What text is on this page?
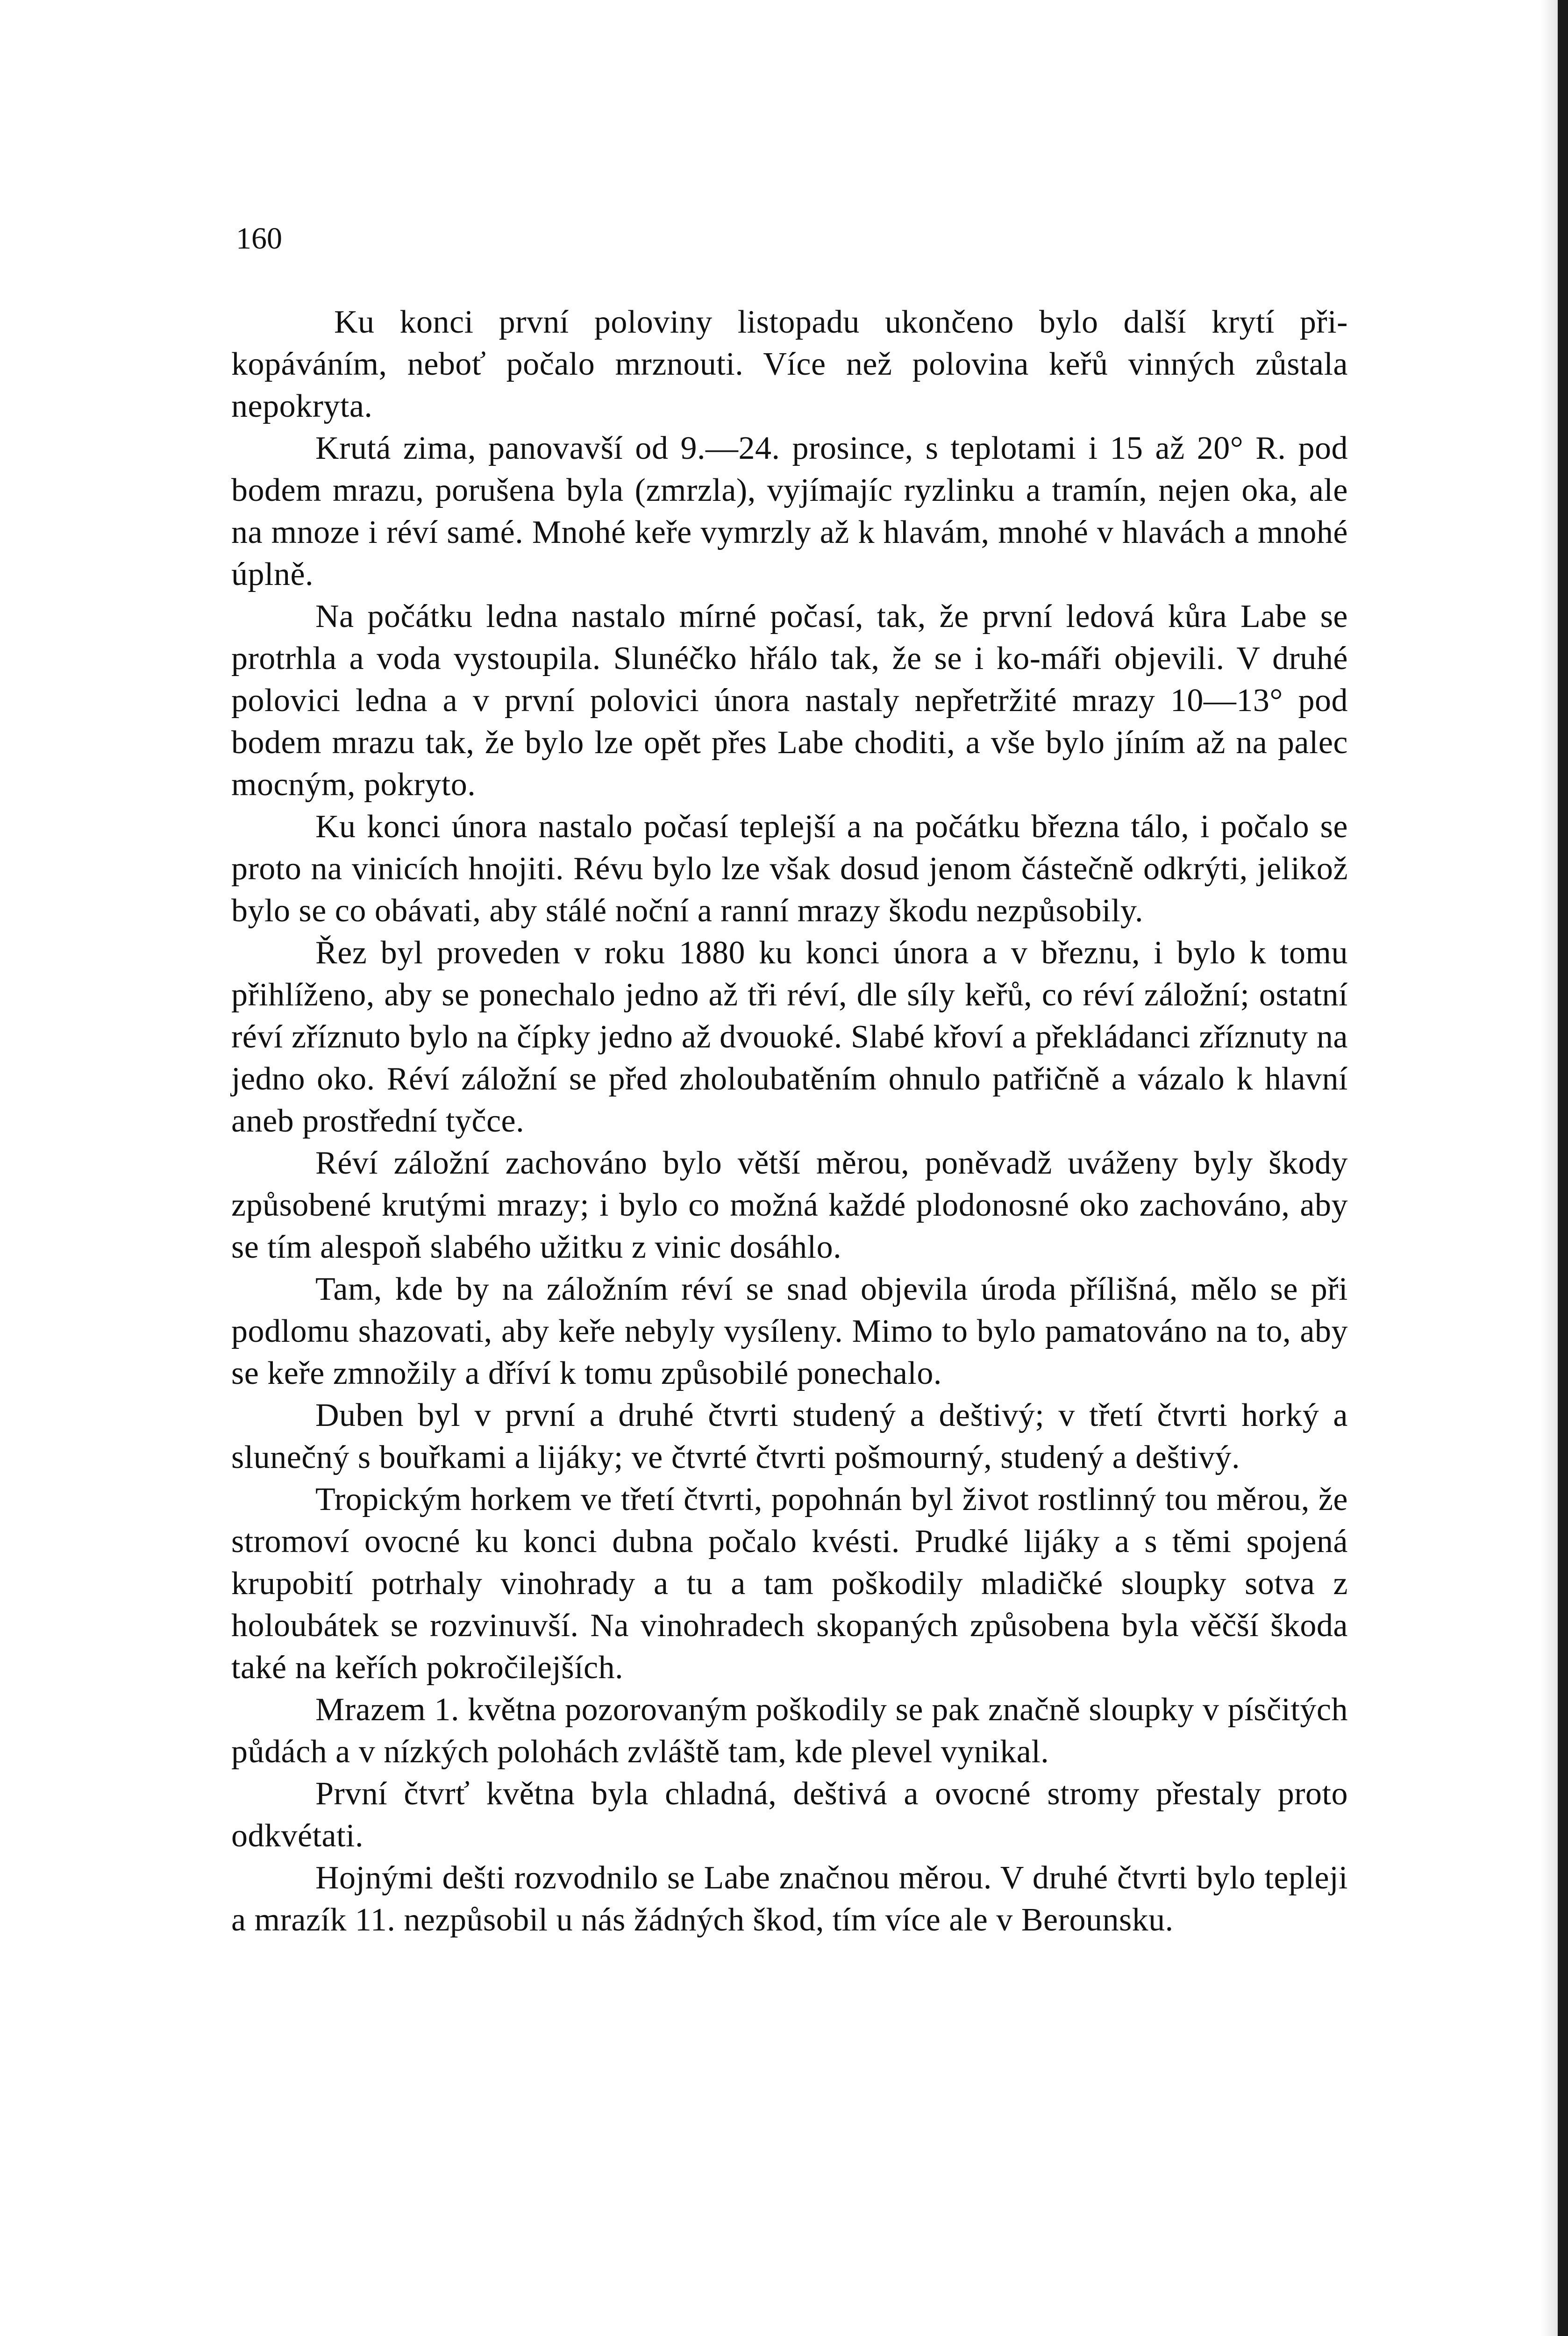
160

Ku konci první poloviny listopadu ukončeno bylo další krytí při-kopáváním, neboť počalo mrznouti. Více než polovina keřů vinných zůstala nepokryta.

Krutá zima, panovavší od 9.—24. prosince, s teplotami i 15 až 20° R. pod bodem mrazu, porušena byla (zmrzla), vyjímajíc ryzlinku a tramín, nejen oka, ale na mnoze i réví samé. Mnohé keře vymrzly až k hlavám, mnohé v hlavách a mnohé úplně.

Na počátku ledna nastalo mírné počasí, tak, že první ledová kůra Labe se protrhla a voda vystoupila. Slunéčko hřálo tak, že se i ko-máři objevili. V druhé polovici ledna a v první polovici února nastaly nepřetržité mrazy 10—13° pod bodem mrazu tak, že bylo lze opět přes Labe choditi, a vše bylo jíním až na palec mocným, pokryto.

Ku konci února nastalo počasí teplejší a na počátku března tálo, i počalo se proto na vinicích hnojiti. Révu bylo lze však dosud jenom částečně odkrýti, jelikož bylo se co obávati, aby stálé noční a ranní mrazy škodu nezpůsobily.

Řez byl proveden v roku 1880 ku konci února a v březnu, i bylo k tomu přihlíženo, aby se ponechalo jedno až tři réví, dle síly keřů, co réví záložní; ostatní réví zříznuto bylo na čípky jedno až dvouoké. Slabé křoví a překládanci zříznuty na jedno oko. Réví záložní se před zholoubatěním ohnulo patřičně a vázalo k hlavní aneb prostřední tyčce.

Réví záložní zachováno bylo větší měrou, poněvadž uváženy byly škody způsobené krutými mrazy; i bylo co možná každé plodonosné oko zachováno, aby se tím alespoň slabého užitku z vinic dosáhlo.

Tam, kde by na záložním réví se snad objevila úroda přílišná, mělo se při podlomu shazovati, aby keře nebyly vysíleny. Mimo to bylo pamatováno na to, aby se keře zmnožily a dříví k tomu způsobilé ponechalo.

Duben byl v první a druhé čtvrti studený a deštivý; v třetí čtvrti horký a slunečný s bouřkami a lijáky; ve čtvrté čtvrti pošmourný, studený a deštivý.

Tropickým horkem ve třetí čtvrti, popohnán byl život rostlinný tou měrou, že stromoví ovocné ku konci dubna počalo kvésti. Prudké lijáky a s těmi spojená krupobití potrhaly vinohrady a tu a tam poškodily mladičké sloupky sotva z holoubátek se rozvinuvší. Na vinohradech skopaných způsobena byla věčší škoda také na keřích pokročilejších.

Mrazem 1. května pozorovaným poškodily se pak značně sloupky v písčitých půdách a v nízkých polohách zvláště tam, kde plevel vynikal.

První čtvrť května byla chladná, deštivá a ovocné stromy přestaly proto odkvétati.

Hojnými dešti rozvodnilo se Labe značnou měrou. V druhé čtvrti bylo tepleji a mrazík 11. nezpůsobil u nás žádných škod, tím více ale v Berounsku.
